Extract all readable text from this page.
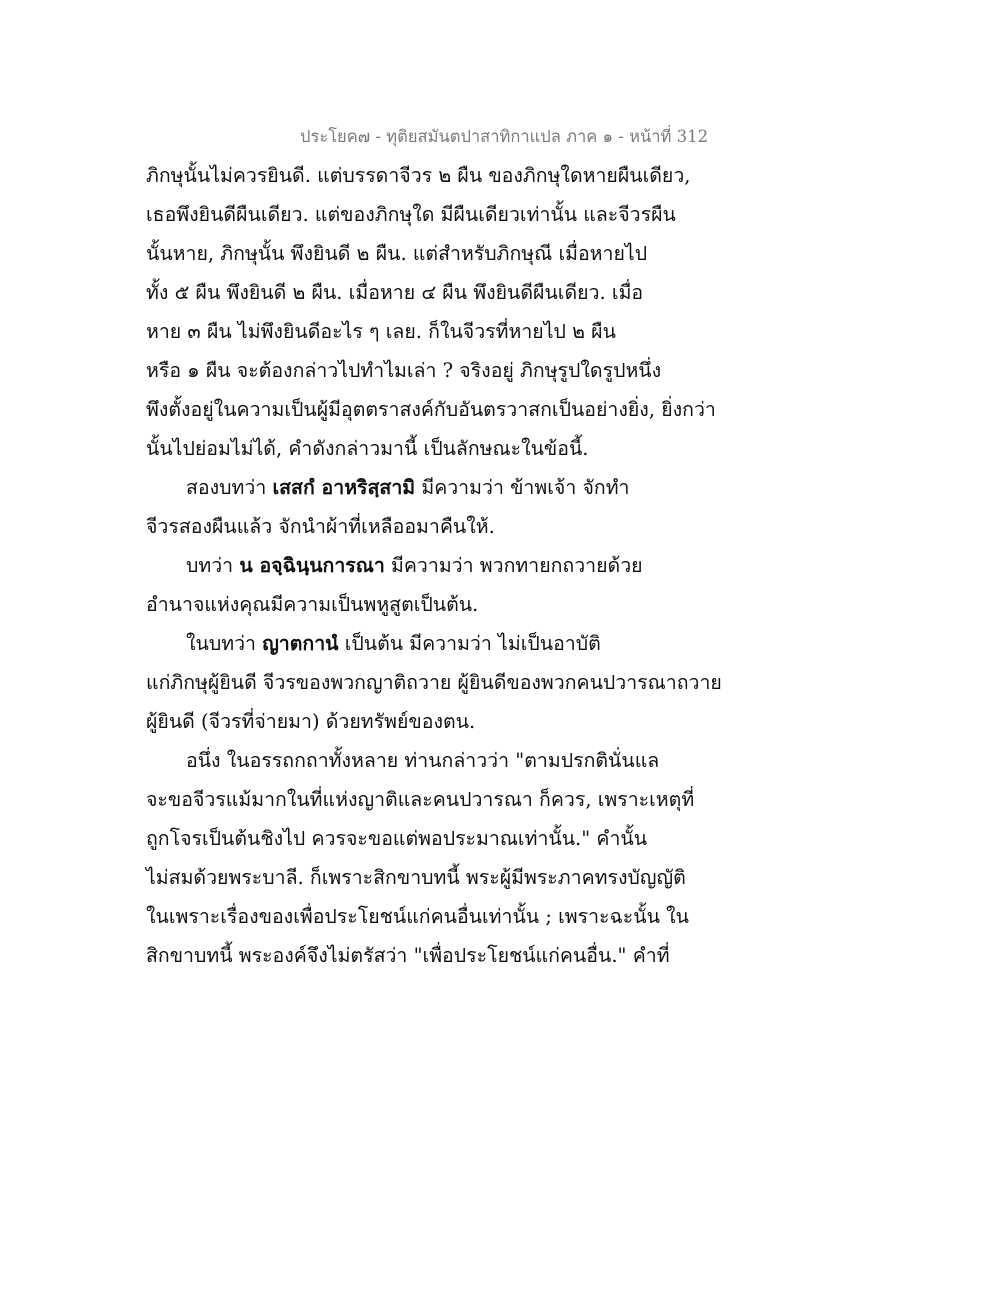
ประโยค๗ - ทุติยสมันตปาสาทิกาแปล ภาค ๑ - หน้าที่ 312
ภิกษุนั้นไม่ควรยินดี. แต่บรรดาจีวร ๒ ผืน ของภิกษุใดหายผืนเดียว,
เธอพึงยินดีผืนเดียว. แต่ของภิกษุใด มีผืนเดียวเท่านั้น และจีวรผืน
นั้นหาย, ภิกษุนั้น พึงยินดี ๒ ผืน. แต่สำหรับภิกษุณี เมื่อหายไป
ทั้ง ๕ ผืน พึงยินดี ๒ ผืน. เมื่อหาย ๔ ผืน พึงยินดีผืนเดียว. เมื่อ
หาย ๓ ผืน ไม่พึงยินดีอะไร ๆ เลย. ก็ในจีวรที่หายไป ๒ ผืน
หรือ ๑ ผืน จะต้องกล่าวไปทำไมเล่า ? จริงอยู่ ภิกษุรูปใดรูปหนึ่ง
พึงตั้งอยู่ในความเป็นผู้มีอุตตราสงค์กับอันตรวาสกเป็นอย่างยิ่ง, ยิ่งกว่า
นั้นไปย่อมไม่ได้, คำดังกล่าวมานี้ เป็นลักษณะในข้อนี้.
สองบทว่า เสสกํ อาหริสฺสามิ มีความว่า ข้าพเจ้า จักทำ
จีวรสองผืนแล้ว จักนำผ้าที่เหลืออมาคืนให้.
บทว่า น อจฺฉินฺนการณา มีความว่า พวกทายกถวายด้วย
อำนาจแห่งคุณมีความเป็นพหูสูตเป็นต้น.
ในบทว่า ญาตกานํ เป็นต้น มีความว่า ไม่เป็นอาบัติ
แก่ภิกษุผู้ยินดี จีวรของพวกญาติถวาย ผู้ยินดีของพวกคนปวารณาถวาย
ผู้ยินดี (จีวรที่จ่ายมา) ด้วยทรัพย์ของตน.
อนึ่ง ในอรรถกถาทั้งหลาย ท่านกล่าวว่า "ตามปรกตินั่นแล
จะขอจีวรแม้มากในที่แห่งญาติและคนปวารณา ก็ควร, เพราะเหตุที่
ถูกโจรเป็นต้นชิงไป ควรจะขอแต่พอประมาณเท่านั้น." คำนั้น
ไม่สมด้วยพระบาลี. ก็เพราะสิกขาบทนี้ พระผู้มีพระภาคทรงบัญญัติ
ในเพราะเรื่องของเพื่อประโยชน์แก่คนอื่นเท่านั้น ; เพราะฉะนั้น ใน
สิกขาบทนี้ พระองค์จึงไม่ตรัสว่า "เพื่อประโยชน์แก่คนอื่น." คำที่
